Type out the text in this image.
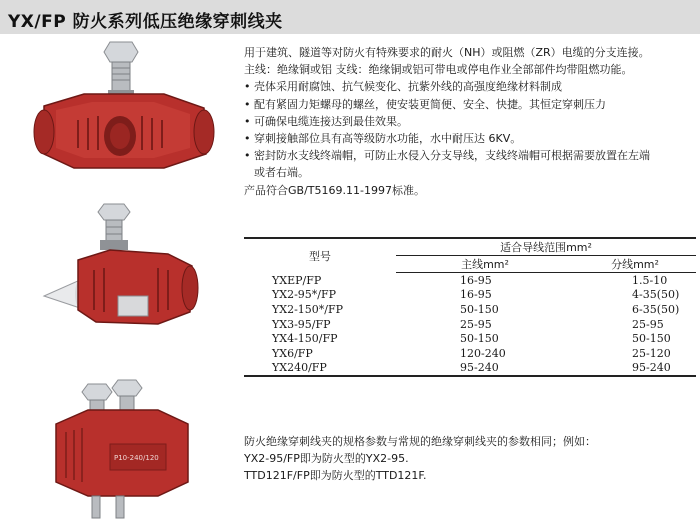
YX/FP 防火系列低压绝缘穿刺线夹
P10-240/120
用于建筑、隧道等对防火有特殊要求的耐火（NH）或阻燃（ZR）电缆的分支连接。
主线：绝缘铜或铝 支线：绝缘铜或铝可带电或停电作业全部部件均带阻燃功能。
• 壳体采用耐腐蚀、抗气候变化、抗紫外线的高强度绝缘材料制成
• 配有紧固力矩螺母的螺丝，使安装更简便、安全、快捷。其恒定穿刺压力
• 可确保电缆连接达到最佳效果。
• 穿刺接触部位具有高等级防水功能，水中耐压达 6KV。
• 密封防水支线终端帽，可防止水侵入分支导线，支线终端帽可根据需要放置在左端
或者右端。
产品符合GB/T5169.11-1997标准。
型号	适合导线范围mm²	
	主线mm²	分线mm²
YXEP/FP	16-95	1.5-10
YX2-95*/FP	16-95	4-35(50)
YX2-150*/FP	50-150	6-35(50)
YX3-95/FP	25-95	25-95
YX4-150/FP	50-150	50-150
YX6/FP	120-240	25-120
YX240/FP	95-240	95-240
防火绝缘穿刺线夹的规格参数与常规的绝缘穿刺线夹的参数相同；例如：
YX2-95/FP即为防火型的YX2-95.
TTD121F/FP即为防火型的TTD121F.
